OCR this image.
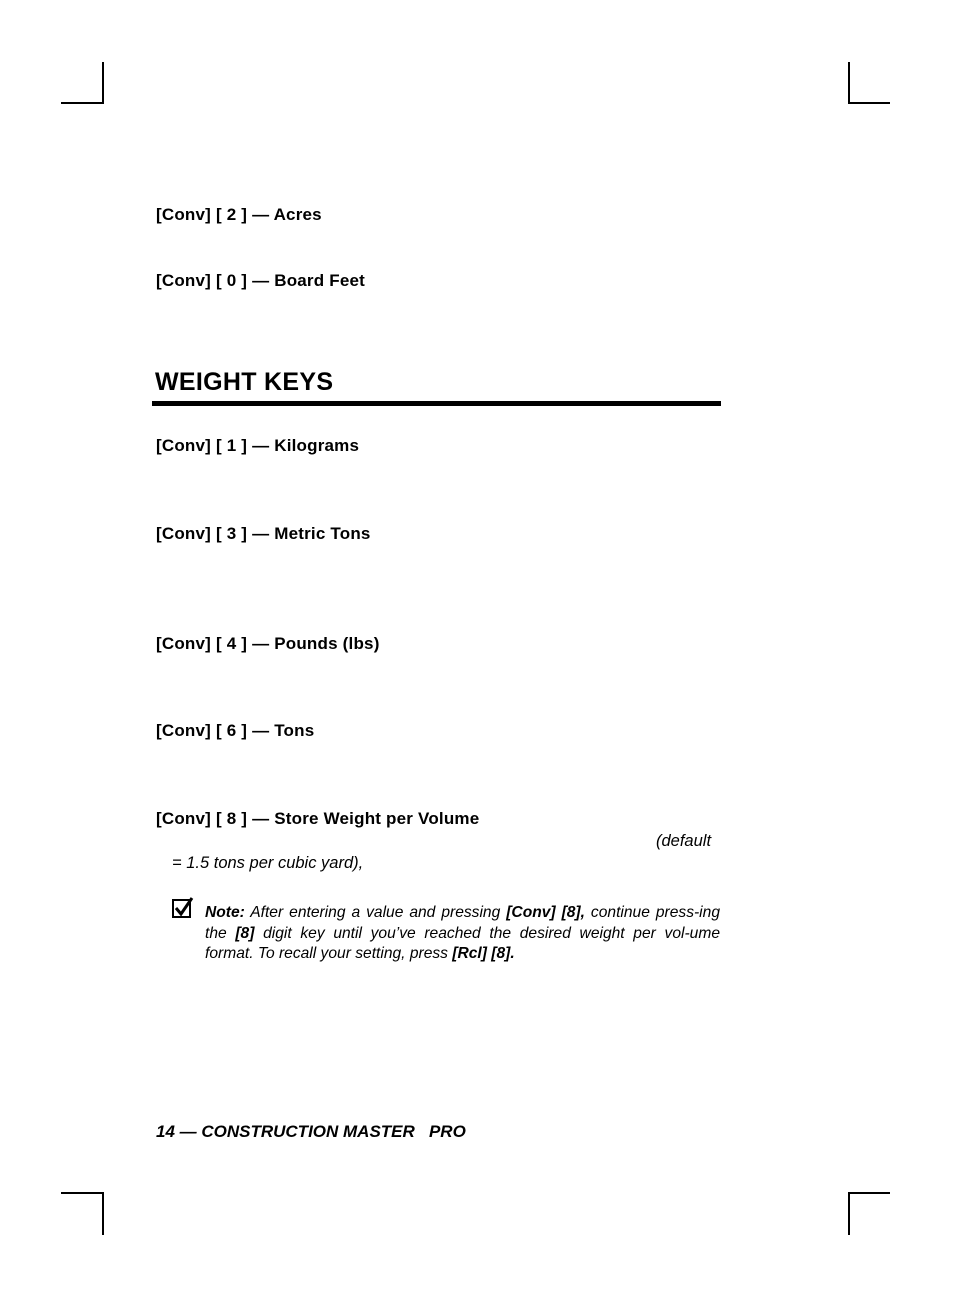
[Conv] [ 2 ] — Acres
[Conv] [ 0 ] — Board Feet
WEIGHT KEYS
[Conv] [ 1 ] — Kilograms
[Conv] [ 3 ] — Metric Tons
[Conv] [ 4 ] — Pounds (lbs)
[Conv] [ 6 ] — Tons
[Conv] [ 8 ] — Store Weight per Volume
(default
= 1.5 tons per cubic yard),
Note: After entering a value and pressing [Conv] [8], continue press-ing the [8] digit key until you’ve reached the desired weight per vol-ume format. To recall your setting, press [Rcl] [8].
14 — CONSTRUCTION MASTER   PRO
